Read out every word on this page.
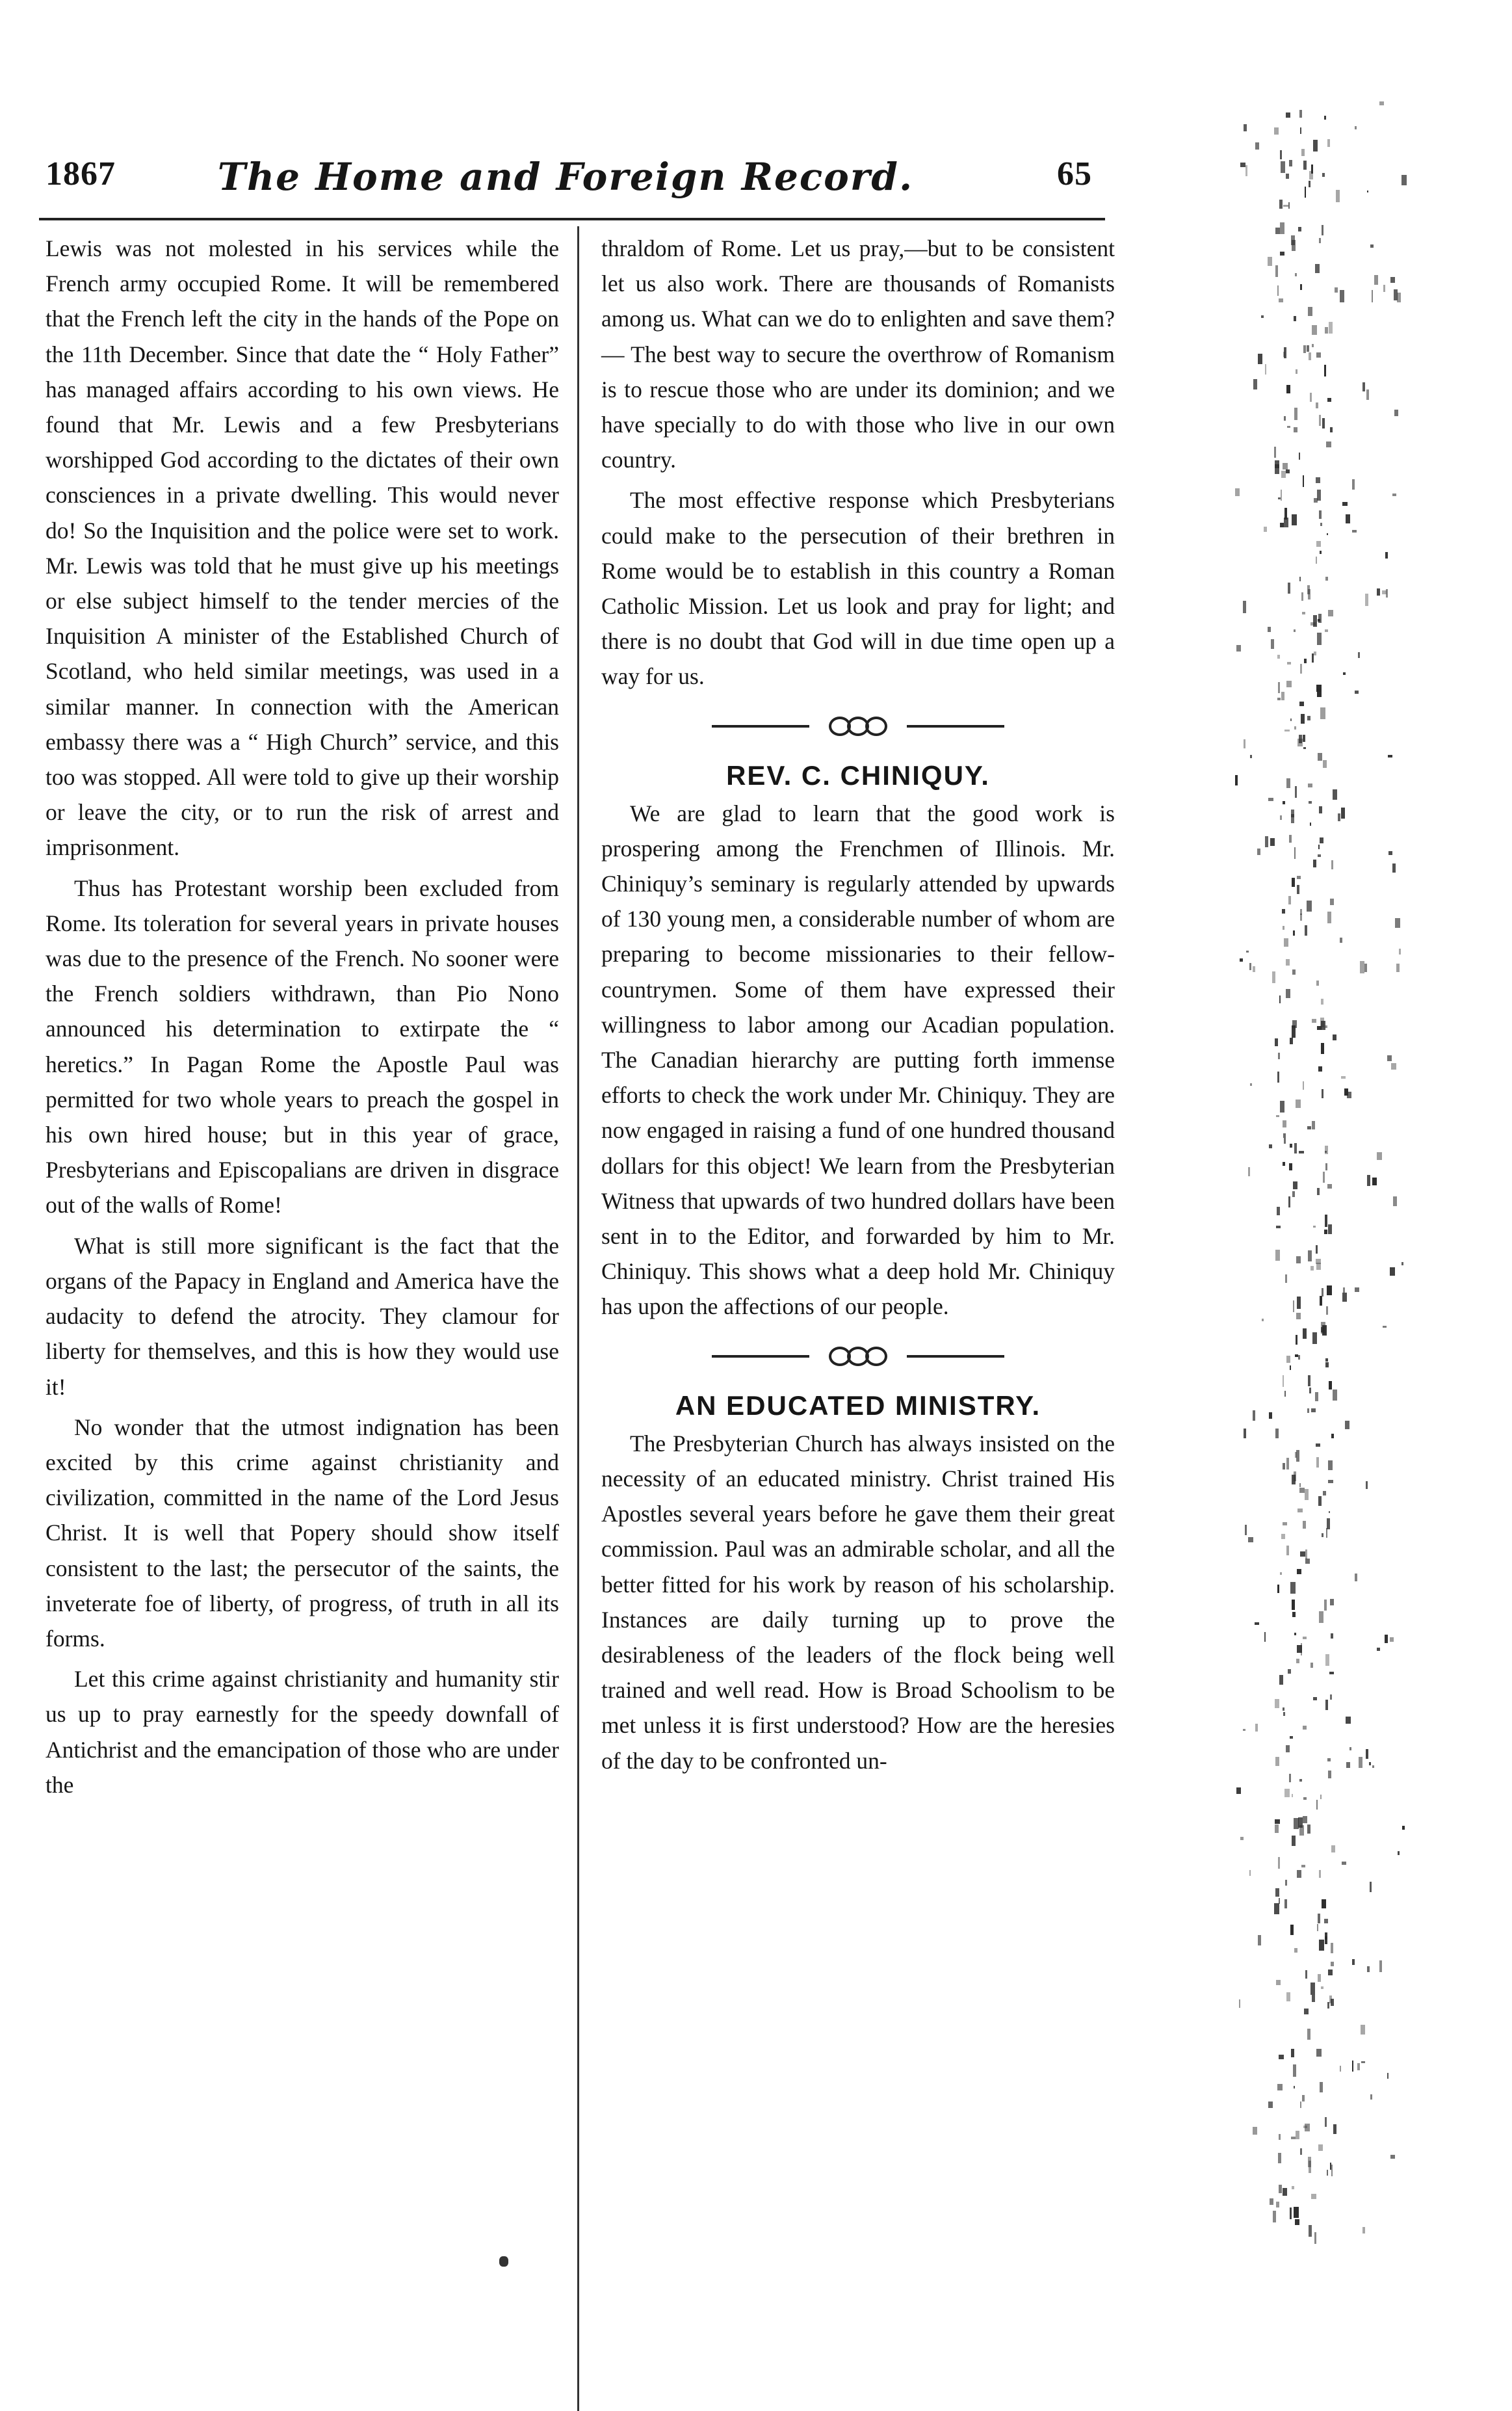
1867	The Home and Foreign Record.	65

Lewis was not molested in his services while the French army occupied Rome. It will be remembered that the French left the city in the hands of the Pope on the 11th December. Since that date the “ Holy Father” has managed affairs according to his own views. He found that Mr. Lewis and a few Presbyterians worshipped God according to the dictates of their own consciences in a private dwelling. This would never do! So the Inquisition and the police were set to work. Mr. Lewis was told that he must give up his meetings or else subject himself to the tender mercies of the Inquisition A minister of the Established Church of Scotland, who held similar meetings, was used in a similar manner. In connection with the American embassy there was a “ High Church” service, and this too was stopped. All were told to give up their worship or leave the city, or to run the risk of arrest and imprisonment.

Thus has Protestant worship been excluded from Rome. Its toleration for several years in private houses was due to the presence of the French. No sooner were the French soldiers withdrawn, than Pio Nono announced his determination to extirpate the “ heretics.” In Pagan Rome the Apostle Paul was permitted for two whole years to preach the gospel in his own hired house; but in this year of grace, Presbyterians and Episcopalians are driven in disgrace out of the walls of Rome!

What is still more significant is the fact that the organs of the Papacy in England and America have the audacity to defend the atrocity. They clamour for liberty for themselves, and this is how they would use it!

No wonder that the utmost indignation has been excited by this crime against christianity and civilization, committed in the name of the Lord Jesus Christ. It is well that Popery should show itself consistent to the last; the persecutor of the saints, the inveterate foe of liberty, of progress, of truth in all its forms.

Let this crime against christianity and humanity stir us up to pray earnestly for the speedy downfall of Antichrist and the emancipation of those who are under the

thraldom of Rome. Let us pray,—but to be consistent let us also work. There are thousands of Romanists among us. What can we do to enlighten and save them?— The best way to secure the overthrow of Romanism is to rescue those who are under its dominion; and we have specially to do with those who live in our own country.

The most effective response which Presbyterians could make to the persecution of their brethren in Rome would be to establish in this country a Roman Catholic Mission. Let us look and pray for light; and there is no doubt that God will in due time open up a way for us.

REV. C. CHINIQUY.

We are glad to learn that the good work is prospering among the Frenchmen of Illinois. Mr. Chiniquy’s seminary is regularly attended by upwards of 130 young men, a considerable number of whom are preparing to become missionaries to their fellow-countrymen. Some of them have expressed their willingness to labor among our Acadian population. The Canadian hierarchy are putting forth immense efforts to check the work under Mr. Chiniquy. They are now engaged in raising a fund of one hundred thousand dollars for this object! We learn from the Presbyterian Witness that upwards of two hundred dollars have been sent in to the Editor, and forwarded by him to Mr. Chiniquy. This shows what a deep hold Mr. Chiniquy has upon the affections of our people.

AN EDUCATED MINISTRY.

The Presbyterian Church has always insisted on the necessity of an educated ministry. Christ trained His Apostles several years before he gave them their great commission. Paul was an admirable scholar, and all the better fitted for his work by reason of his scholarship. Instances are daily turning up to prove the desirableness of the leaders of the flock being well trained and well read. How is Broad Schoolism to be met unless it is first understood? How are the heresies of the day to be confronted un-
